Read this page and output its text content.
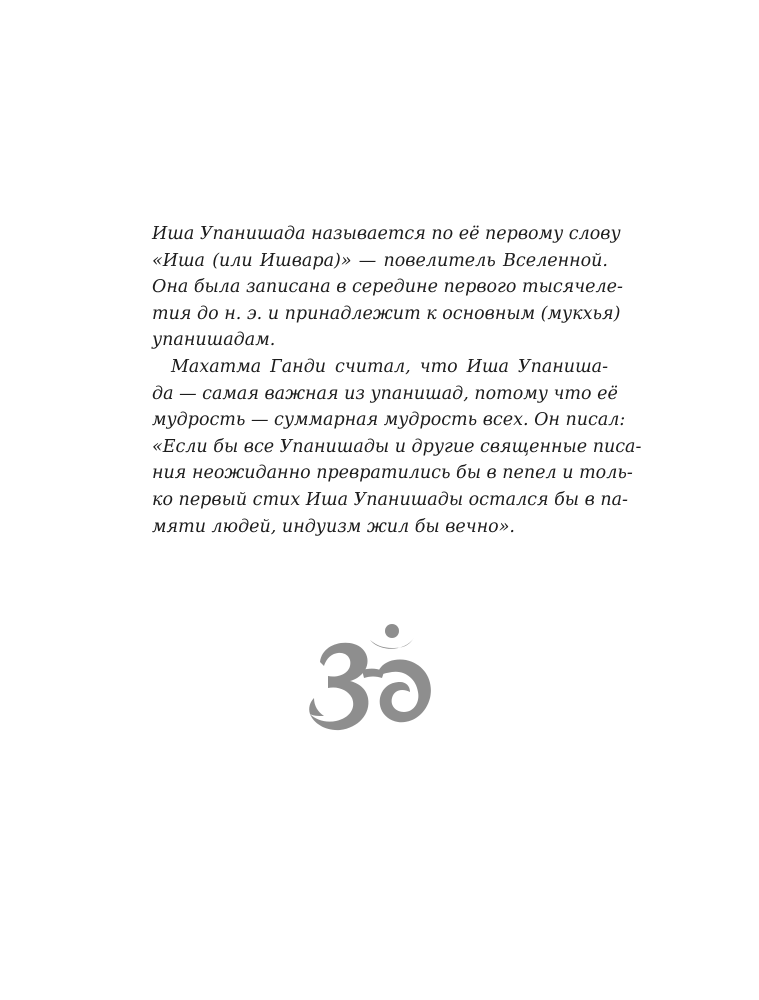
Иша Упанишада называется по её первому слову
«Иша (или Ишвара)» — повелитель Вселенной.
Она была записана в середине первого тысячеле-
тия до н. э. и принадлежит к основным (мукхья)
упанишадам.
Махатма Ганди считал, что Иша Упаниша-
да — самая важная из упанишад, потому что её
мудрость — суммарная мудрость всех. Он писал:
«Если бы все Упанишады и другие священные писа-
ния неожиданно превратились бы в пепел и толь-
ко первый стих Иша Упанишады остался бы в па-
мяти людей, индуизм жил бы вечно».
